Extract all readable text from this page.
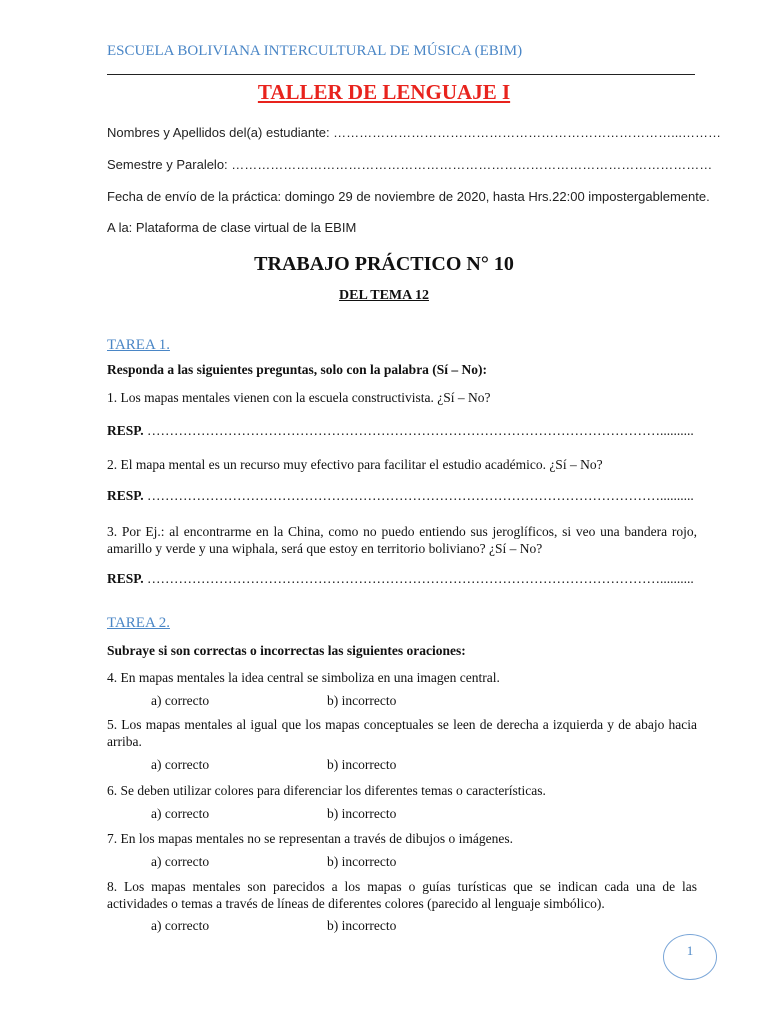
ESCUELA BOLIVIANA INTERCULTURAL DE MÚSICA (EBIM)
TALLER DE LENGUAJE I
Nombres y Apellidos del(a) estudiante: ……………………………………………………………………...………
Semestre y Paralelo: …………………………………………………………………………………………………
Fecha de envío de la práctica: domingo 29 de noviembre de 2020, hasta Hrs.22:00 impostergablemente.
A la: Plataforma de clase virtual de la EBIM
TRABAJO PRÁCTICO N° 10
DEL TEMA 12
TAREA 1.
Responda a las siguientes preguntas, solo con la palabra (Sí – No):
1. Los mapas mentales vienen con la escuela constructivista. ¿Sí – No?
RESP. ……………………………………………………………………………………………………..........
2. El mapa mental es un recurso muy efectivo para facilitar el estudio académico. ¿Sí – No?
RESP. ……………………………………………………………………………………………………..........
3. Por Ej.: al encontrarme en la China, como no puedo entiendo sus jeroglíficos, si veo una bandera rojo, amarillo y verde y una wiphala, será que estoy en territorio boliviano? ¿Sí – No?
RESP. ……………………………………………………………………………………………………..........
TAREA 2.
Subraye si son correctas o incorrectas las siguientes oraciones:
4. En mapas mentales la idea central se simboliza en una imagen central.
a) correcto	b) incorrecto
5. Los mapas mentales al igual que los mapas conceptuales se leen de derecha a izquierda y de abajo hacia arriba.
a) correcto	b) incorrecto
6. Se deben utilizar colores para diferenciar los diferentes temas o características.
a) correcto	b) incorrecto
7. En los mapas mentales no se representan a través de dibujos o imágenes.
a) correcto	b) incorrecto
8. Los mapas mentales son parecidos a los mapas o guías turísticas que se indican cada una de las actividades o temas a través de líneas de diferentes colores (parecido al lenguaje simbólico).
a) correcto	b) incorrecto
1
